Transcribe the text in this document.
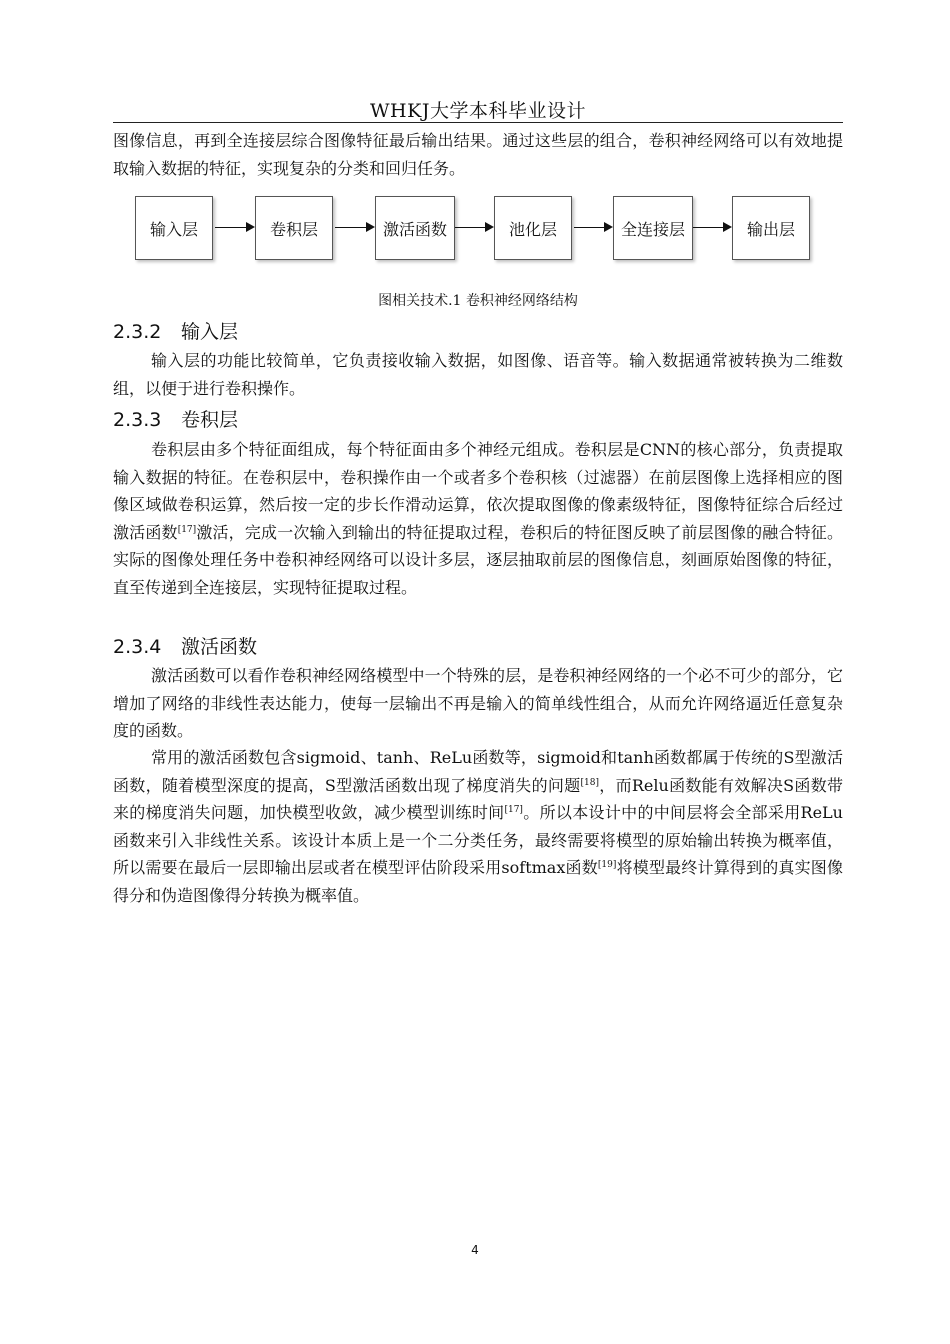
WHKJ大学本科毕业设计

图像信息，再到全连接层综合图像特征最后输出结果。通过这些层的组合，卷积神经网络可以有效地提取输入数据的特征，实现复杂的分类和回归任务。

输入层	卷积层	激活函数	池化层	全连接层	输出层
图相关技术.1 卷积神经网络结构
2.3.2 输入层

输入层的功能比较简单，它负责接收输入数据，如图像、语音等。输入数据通常被转换为二维数组，以便于进行卷积操作。

2.3.3 卷积层

卷积层由多个特征面组成，每个特征面由多个神经元组成。卷积层是CNN的核心部分，负责提取输入数据的特征。在卷积层中，卷积操作由一个或者多个卷积核（过滤器）在前层图像上选择相应的图像区域做卷积运算，然后按一定的步长作滑动运算，依次提取图像的像素级特征，图像特征综合后经过激活函数[17]激活，完成一次输入到输出的特征提取过程，卷积后的特征图反映了前层图像的融合特征。实际的图像处理任务中卷积神经网络可以设计多层，逐层抽取前层的图像信息，刻画原始图像的特征，直至传递到全连接层，实现特征提取过程。

2.3.4 激活函数

激活函数可以看作卷积神经网络模型中一个特殊的层，是卷积神经网络的一个必不可少的部分，它增加了网络的非线性表达能力，使每一层输出不再是输入的简单线性组合，从而允许网络逼近任意复杂度的函数。

常用的激活函数包含sigmoid、tanh、ReLu函数等，sigmoid和tanh函数都属于传统的S型激活函数，随着模型深度的提高，S型激活函数出现了梯度消失的问题[18]，而Relu函数能有效解决S函数带来的梯度消失问题，加快模型收敛，减少模型训练时间[17]。所以本设计中的中间层将会全部采用ReLu函数来引入非线性关系。该设计本质上是一个二分类任务，最终需要将模型的原始输出转换为概率值，所以需要在最后一层即输出层或者在模型评估阶段采用softmax函数[19]将模型最终计算得到的真实图像得分和伪造图像得分转换为概率值。

4
